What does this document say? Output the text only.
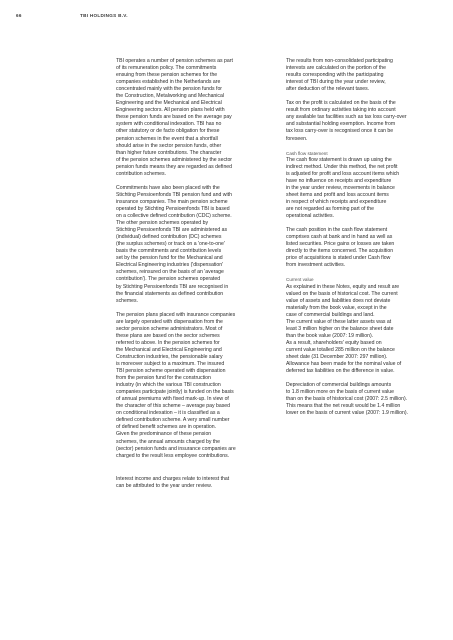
66	TBI HOLDINGS B.V.

TBI operates a number of pension schemes as part
of its remuneration policy. The commitments
ensuing from these pension schemes for the
companies established in the Netherlands are
concentrated mainly with the pension funds for
the Construction, Metalworking and Mechanical
Engineering and the Mechanical and Electrical
Engineering sectors. All pension plans held with
these pension funds are based on the average pay
system with conditional indexation. TBI has no
other statutory or de facto obligation for these
pension schemes in the event that a shortfall
should arise in the sector pension funds, other
than higher future contributions. The character
of the pension schemes administered by the sector
pension funds means they are regarded as defined
contribution schemes.

Commitments have also been placed with the
Stichting Pensioenfonds TBI pension fund and with
insurance companies. The main pension scheme
operated by Stichting Pensioenfonds TBI is based
on a collective defined contribution (CDC) scheme.
The other pension schemes operated by
Stichting Pensioenfonds TBI are administered as
(individual) defined contribution (DC) schemes
(the surplus schemes) or track on a 'one-to-one'
basis the commitments and contribution levels
set by the pension fund for the Mechanical and
Electrical Engineering industries ('dispensation'
schemes, reinsured on the basis of an 'average
contribution'). The pension schemes operated
by Stichting Pensioenfonds TBI are recognised in
the financial statements as defined contribution
schemes.

The pension plans placed with insurance companies
are largely operated with dispensation from the
sector pension scheme administrators. Most of
these plans are based on the sector schemes
referred to above. In the pension schemes for
the Mechanical and Electrical Engineering and
Construction industries, the pensionable salary
is moreover subject to a maximum. The insured
TBI pension scheme operated with dispensation
from the pension fund for the construction
industry (in which the various TBI construction
companies participate jointly) is funded on the basis
of annual premiums with fixed mark-up. In view of
the character of this scheme – average pay based
on conditional indexation – it is classified as a
defined contribution scheme. A very small number
of defined benefit schemes are in operation.
Given the predominance of these pension
schemes, the annual amounts charged by the
(sector) pension funds and insurance companies are
charged to the result less employee contributions.

Interest income and charges relate to interest that
can be attributed to the year under review.

The results from non-consolidated participating
interests are calculated on the portion of the
results corresponding with the participating
interest of TBI during the year under review,
after deduction of the relevant taxes.

Tax on the profit is calculated on the basis of the
result from ordinary activities taking into account
any available tax facilities such as tax loss carry-over
and substantial holding exemption. Income from
tax loss carry-over is recognised once it can be
foreseen.

Cash flow statement

The cash flow statement is drawn up using the
indirect method. Under this method, the net profit
is adjusted for profit and loss account items which
have no influence on receipts and expenditure
in the year under review, movements in balance
sheet items and profit and loss account items
in respect of which receipts and expenditure
are not regarded as forming part of the
operational activities.

The cash position in the cash flow statement
comprises cash at bank and in hand as well as
listed securities. Price gains or losses are taken
directly to the items concerned. The acquisition
price of acquisitions is stated under Cash flow
from investment activities.

Current value

As explained in these Notes, equity and result are
valued on the basis of historical cost. The current
value of assets and liabilities does not deviate
materially from the book value, except in the
case of commercial buildings and land.
The current value of these latter assets was at
least 3 million higher on the balance sheet date
than the book value (2007: 19 million).
As a result, shareholders' equity based on
current value totalled 285 million on the balance
sheet date (31 December 2007: 297 million).
Allowance has been made for the nominal value of
deferred tax liabilities on the difference in value.

Depreciation of commercial buildings amounts
to 1.8 million more on the basis of current value
than on the basis of historical cost (2007: 2.5 million).
This means that the net result would be 1.4 million
lower on the basis of current value (2007: 1.9 million).
